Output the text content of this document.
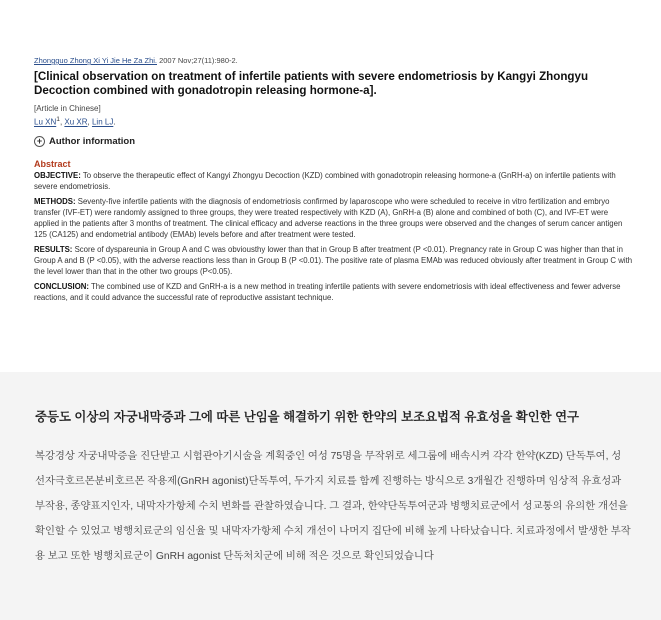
Zhongguo Zhong Xi Yi Jie He Za Zhi. 2007 Nov;27(11):980-2.

[Clinical observation on treatment of infertile patients with severe endometriosis by Kangyi Zhongyu Decoction combined with gonadotropin releasing hormone-a].

[Article in Chinese]

Lu $XN^1$, Xu XR, Lin LJ.

+ Author information
Abstract

OBJECTIVE: To observe the therapeutic effect of Kangyi Zhongyu Decoction (KZD) combined with gonadotropin releasing hormone-a (GnRH-a) on infertile patients with severe endometriosis.

METHODS: Seventy-five infertile patients with the diagnosis of endometriosis confirmed by laparoscope who were scheduled to receive in vitro fertilization and embryo transfer (IVF-ET) were randomly assigned to three groups, they were treated respectively with KZD (A), GnRH-a (B) alone and combined of both (C), and IVF-ET were applied in the patients after 3 months of treatment. The clinical efficacy and adverse reactions in the three groups were observed and the changes of serum cancer antigen 125 (CA125) and endometrial antibody (EMAb) levels before and after treatment were tested.

RESULTS: Score of dyspareunia in Group A and C was obviousthy lower than that in Group B after treatment (P <0.01). Pregnancy rate in Group C was higher than that in Group A and B (P <0.05), with the adverse reactions less than in Group B (P <0.01). The positive rate of plasma EMAb was reduced obviously after treatment in Group C with the level lower than that in the other two groups (P<0.05).

CONCLUSION: The combined use of KZD and GnRH-a is a new method in treating infertile patients with severe endometriosis with ideal effectiveness and fewer adverse reactions, and it could advance the successful rate of reproductive assistant technique.

중등도 이상의 자궁내막증과 그에 따른 난임을 해결하기 위한 한약의 보조요법적 유효성을 확인한 연구

복강경상 자궁내막증을 진단받고 시험관아기시술을 계획중인 여성 75명을 무작위로 세그룹에 배속시켜 각각 한약(KZD) 단독투여, 성선자극호르몬분비호르몬 작용제(GnRH agonist)단독투여, 두가지 치료를 함께 진행하는 방식으로 3개월간 진행하며 임상적 유효성과 부작용, 종양표지인자, 내막자가항체 수치 변화를 관찰하였습니다. 그 결과, 한약단독투여군과 병행치료군에서 성교통의 유의한 개선을 확인할 수 있었고 병행치료군의 임신율 및 내막자가항체 수치 개선이 나머지 집단에 비해 높게 나타났습니다. 치료과정에서 발생한 부작용 보고 또한 병행치료군이 GnRH agonist 단독처치군에 비해 적은 것으로 확인되었습니다
